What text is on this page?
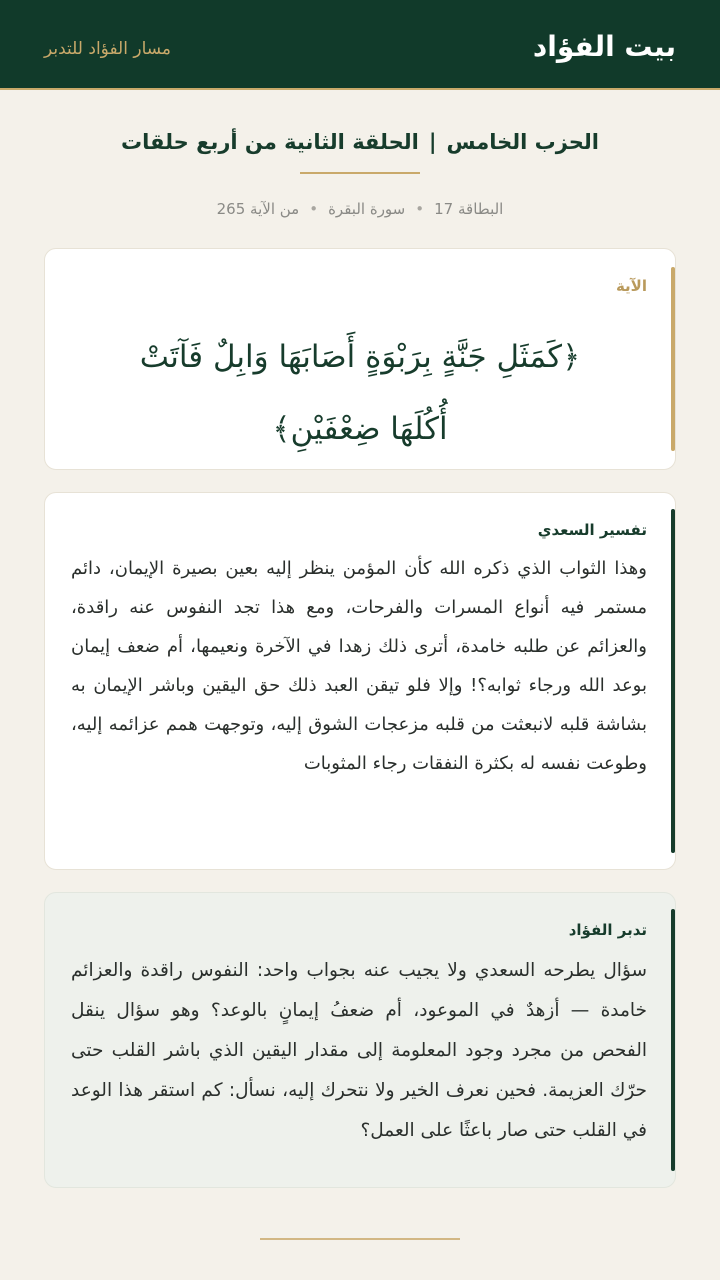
بيت الفؤاد
مسار الفؤاد للتدبر
الحزب الخامس|الحلقة الثانية من أربع حلقات
البطاقة 17•سورة البقرة•من الآية 265
الآية
﴿كَمَثَلِ جَنَّةٍ بِرَبْوَةٍ أَصَابَهَا وَابِلٌ فَآتَتْ أُكُلَهَا ضِعْفَيْنِ﴾
تفسير السعدي
وهذا الثواب الذي ذكره الله كأن المؤمن ينظر إليه بعين بصيرة الإيمان، دائم مستمر فيه أنواع المسرات والفرحات، ومع هذا تجد النفوس عنه راقدة، والعزائم عن طلبه خامدة، أترى ذلك زهدا في الآخرة ونعيمها، أم ضعف إيمان بوعد الله ورجاء ثوابه؟! وإلا فلو تيقن العبد ذلك حق اليقين وباشر الإيمان به بشاشة قلبه لانبعثت من قلبه مزعجات الشوق إليه، وتوجهت همم عزائمه إليه، وطوعت نفسه له بكثرة النفقات رجاء المثوبات
تدبر الفؤاد
سؤال يطرحه السعدي ولا يجيب عنه بجواب واحد: النفوس راقدة والعزائم خامدة — أزهدٌ في الموعود، أم ضعفُ إيمانٍ بالوعد؟ وهو سؤال ينقل الفحص من مجرد وجود المعلومة إلى مقدار اليقين الذي باشر القلب حتى حرّك العزيمة. فحين نعرف الخير ولا نتحرك إليه، نسأل: كم استقر هذا الوعد في القلب حتى صار باعثًا على العمل؟
